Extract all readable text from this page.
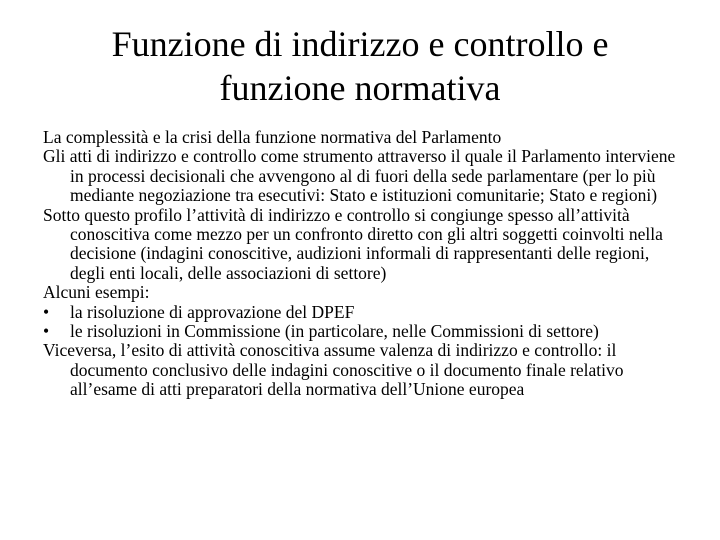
Funzione di indirizzo e controllo e
funzione normativa

La complessità e la crisi della funzione normativa del Parlamento

Gli atti di indirizzo e controllo come strumento attraverso il quale il Parlamento interviene in processi decisionali che avvengono al di fuori della sede parlamentare (per lo più mediante negoziazione tra esecutivi: Stato e istituzioni comunitarie; Stato e regioni)

Sotto questo profilo l’attività di indirizzo e controllo si congiunge spesso all’attività conoscitiva come mezzo per un confronto diretto con gli altri soggetti coinvolti nella decisione (indagini conoscitive, audizioni informali di rappresentanti delle regioni, degli enti locali, delle associazioni di settore)

Alcuni esempi:

• la risoluzione di approvazione del DPEF

• le risoluzioni in Commissione (in particolare, nelle Commissioni di settore)

Viceversa, l’esito di attività conoscitiva assume valenza di indirizzo e controllo: il documento conclusivo delle indagini conoscitive o il documento finale relativo all’esame di atti preparatori della normativa dell’Unione europea
